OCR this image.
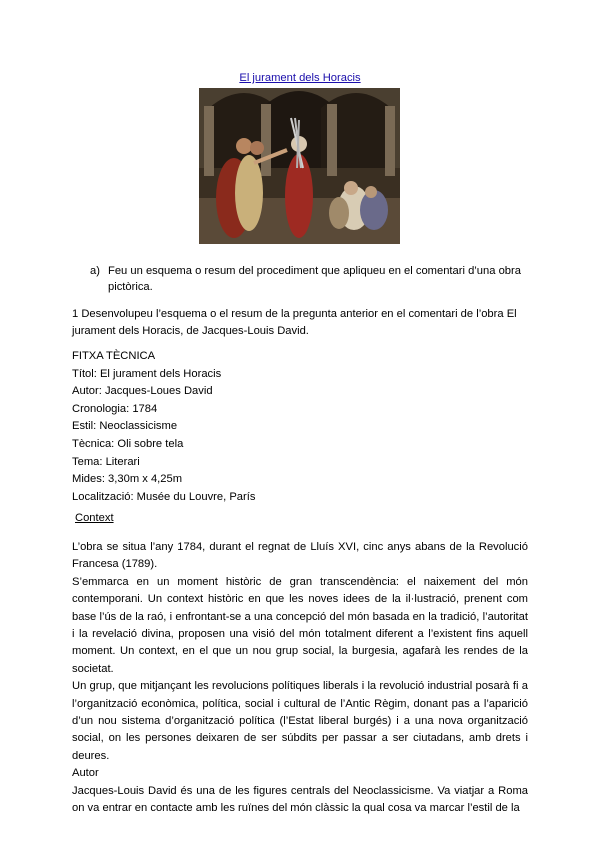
El jurament dels Horacis
a) Feu un esquema o resum del procediment que apliqueu en el comentari d’una obra pictòrica.
1 Desenvolupeu l’esquema o el resum de la pregunta anterior en el comentari de l’obra El jurament dels Horacis, de Jacques-Louis David.
FITXA TÈCNICA
Títol: El jurament dels Horacis
Autor: Jacques-Loues David
Cronologia: 1784
Estil: Neoclassicisme
Tècnica: Oli sobre tela
Tema: Literari
Mides: 3,30m x 4,25m
Localització: Musée du Louvre, París
Context

L’obra se situa l’any 1784, durant el regnat de Lluís XVI, cinc anys abans de la Revolució Francesa (1789).

S’emmarca en un moment històric de gran transcendència: el naixement del món contemporani. Un context històric en que les noves idees de la il·lustració, prenent com base l’ús de la raó, i enfrontant-se a una concepció del món basada en la tradició, l’autoritat i la revelació divina, proposen una visió del món totalment diferent a l’existent fins aquell moment. Un context, en el que un nou grup social, la burgesia, agafarà les rendes de la societat.

Un grup, que mitjançant les revolucions polítiques liberals i la revolució industrial posarà fi a l’organització econòmica, política, social i cultural de l’Antic Règim, donant pas a l’aparició d’un nou sistema d’organització política (l’Estat liberal burgés) i a una nova organització social, on les persones deixaren de ser súbdits per passar a ser ciutadans, amb drets i deures.

Autor

Jacques-Louis David és una de les figures centrals del Neoclassicisme. Va viatjar a Roma on va entrar en contacte amb les ruïnes del món clàssic la qual cosa va marcar l’estil de la
